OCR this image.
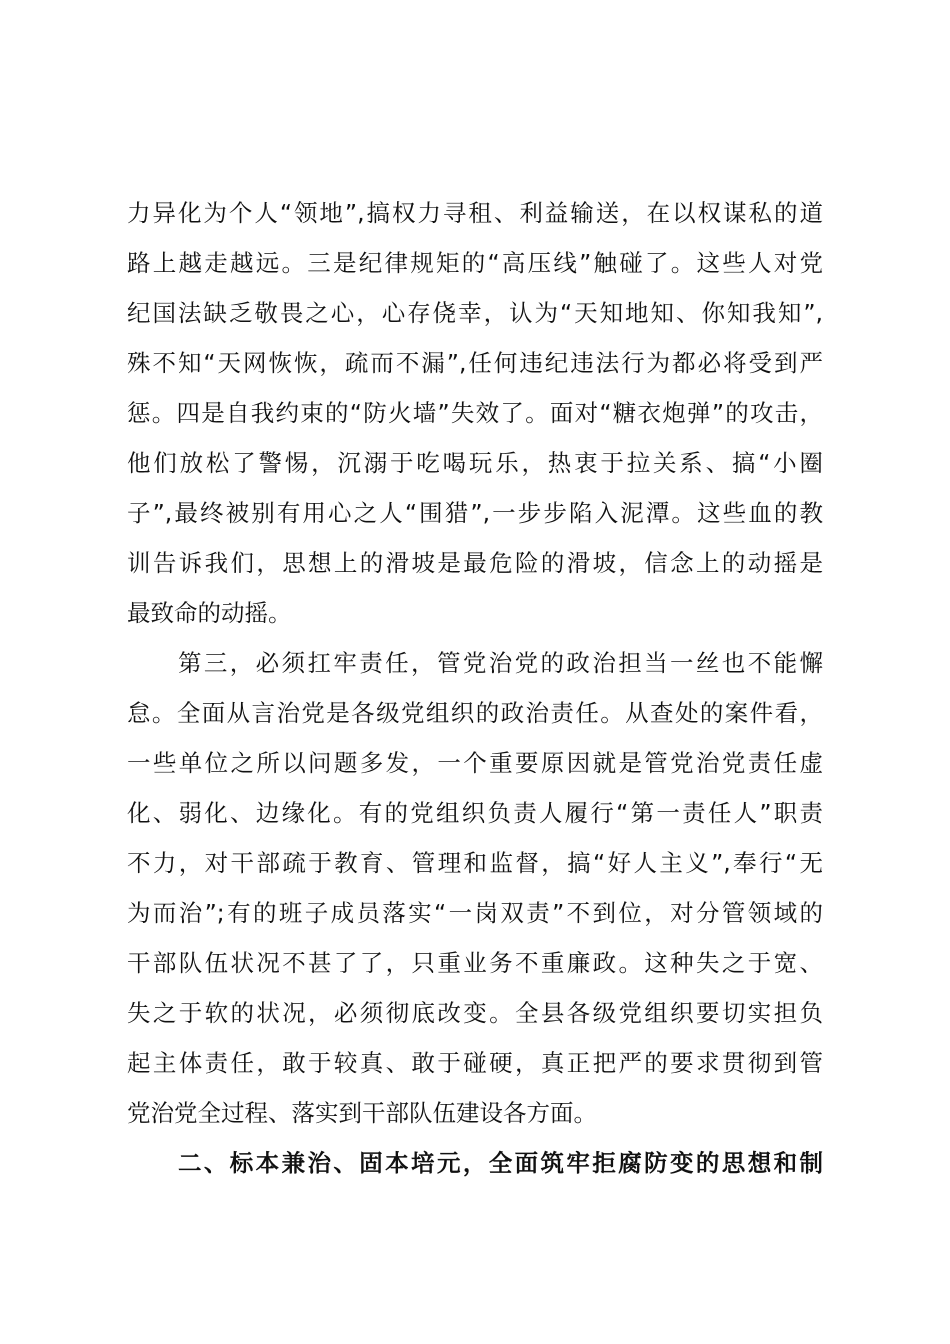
力异化为个人“领地”,搞权力寻租、利益输送，在以权谋私的道
路上越走越远。三是纪律规矩的“高压线”触碰了。这些人对党
纪国法缺乏敬畏之心，心存侥幸，认为“天知地知、你知我知”,
殊不知“天网恢恢，疏而不漏”,任何违纪违法行为都必将受到严
惩。四是自我约束的“防火墙”失效了。面对“糖衣炮弹”的攻击，
他们放松了警惕，沉溺于吃喝玩乐，热衷于拉关系、搞“小圈
子”,最终被别有用心之人“围猎”,一步步陷入泥潭。这些血的教
训告诉我们，思想上的滑坡是最危险的滑坡，信念上的动摇是
最致命的动摇。
第三，必须扛牢责任，管党治党的政治担当一丝也不能懈
怠。全面从言治党是各级党组织的政治责任。从查处的案件看，
一些单位之所以问题多发，一个重要原因就是管党治党责任虚
化、弱化、边缘化。有的党组织负责人履行“第一责任人”职责
不力，对干部疏于教育、管理和监督，搞“好人主义”,奉行“无
为而治”;有的班子成员落实“一岗双责”不到位，对分管领域的
干部队伍状况不甚了了，只重业务不重廉政。这种失之于宽、
失之于软的状况，必须彻底改变。全县各级党组织要切实担负
起主体责任，敢于较真、敢于碰硬，真正把严的要求贯彻到管
党治党全过程、落实到干部队伍建设各方面。
二、标本兼治、固本培元，全面筑牢拒腐防变的思想和制
